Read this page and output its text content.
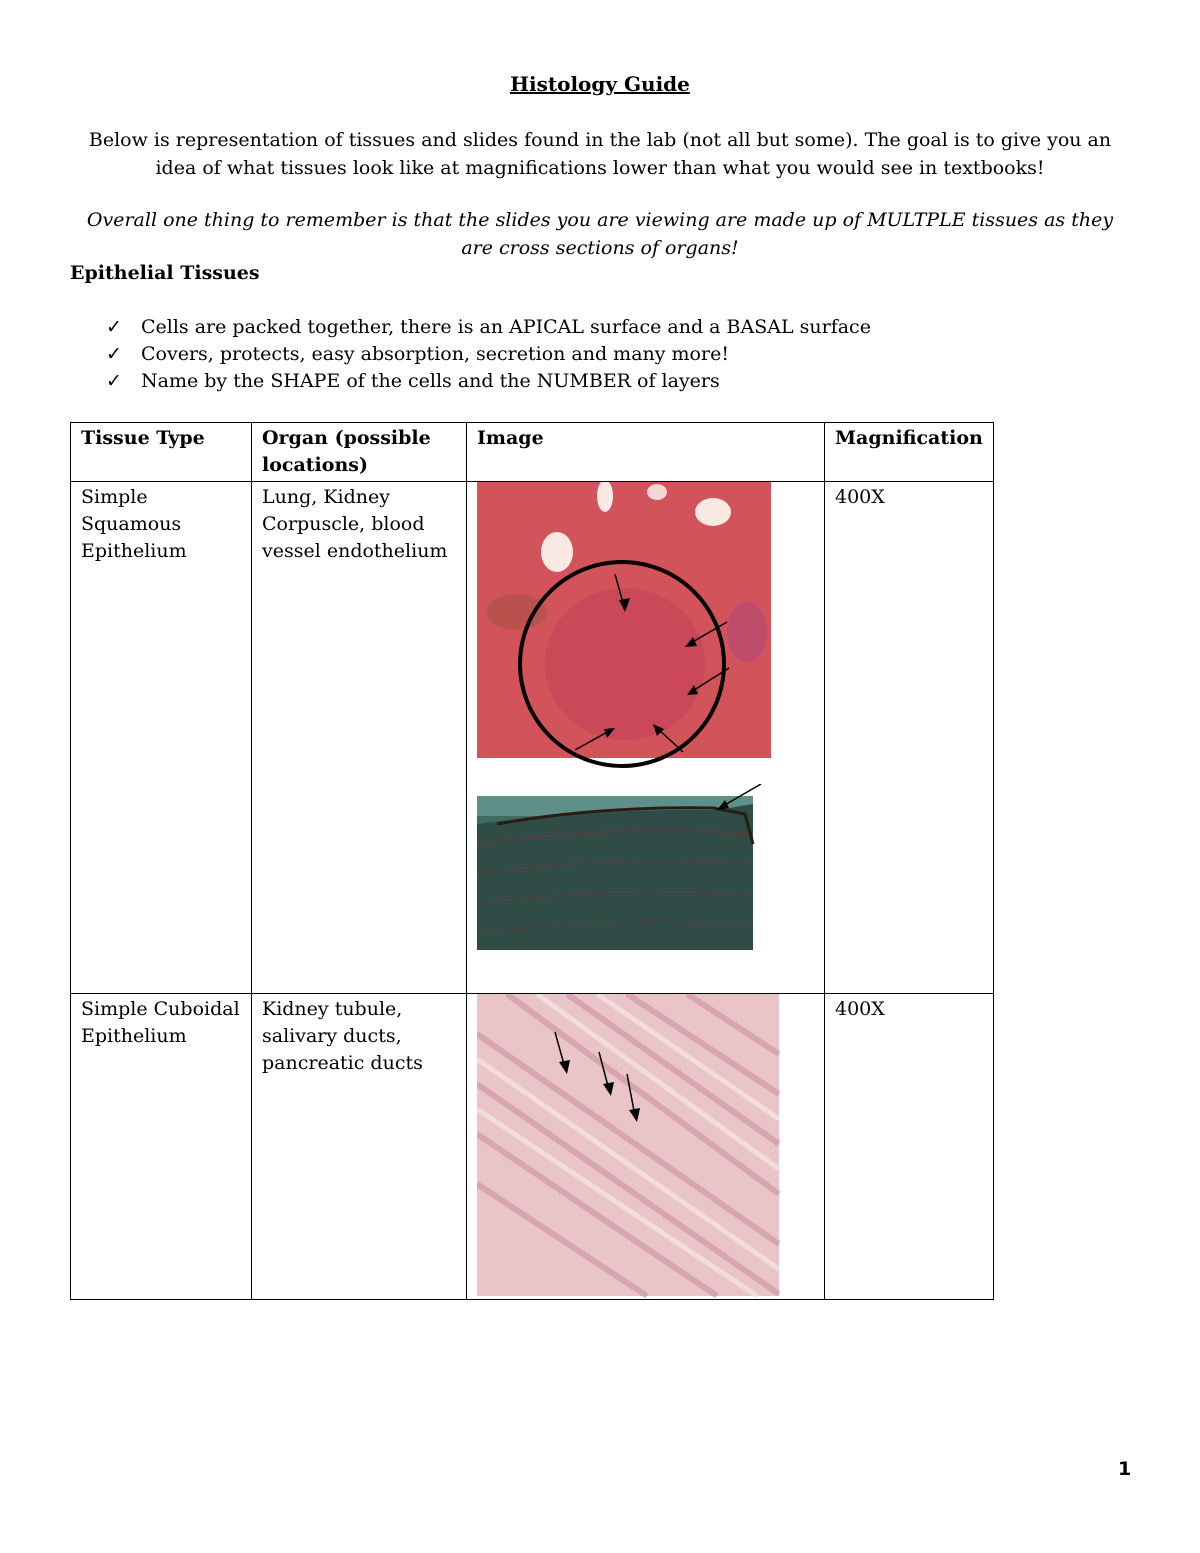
Histology Guide
Below is representation of tissues and slides found in the lab (not all but some). The goal is to give you an idea of what tissues look like at magnifications lower than what you would see in textbooks!
Overall one thing to remember is that the slides you are viewing are made up of MULTPLE tissues as they are cross sections of organs!
Epithelial Tissues
✓ Cells are packed together, there is an APICAL surface and a BASAL surface
✓ Covers, protects, easy absorption, secretion and many more!
✓ Name by the SHAPE of the cells and the NUMBER of layers
Tissue Type	Organ (possible locations)	Image	Magnification
Simple Squamous Epithelium	Lung, Kidney Corpuscle, blood vessel endothelium		400X
Simple Cuboidal Epithelium	Kidney tubule, salivary ducts, pancreatic ducts		400X
1
